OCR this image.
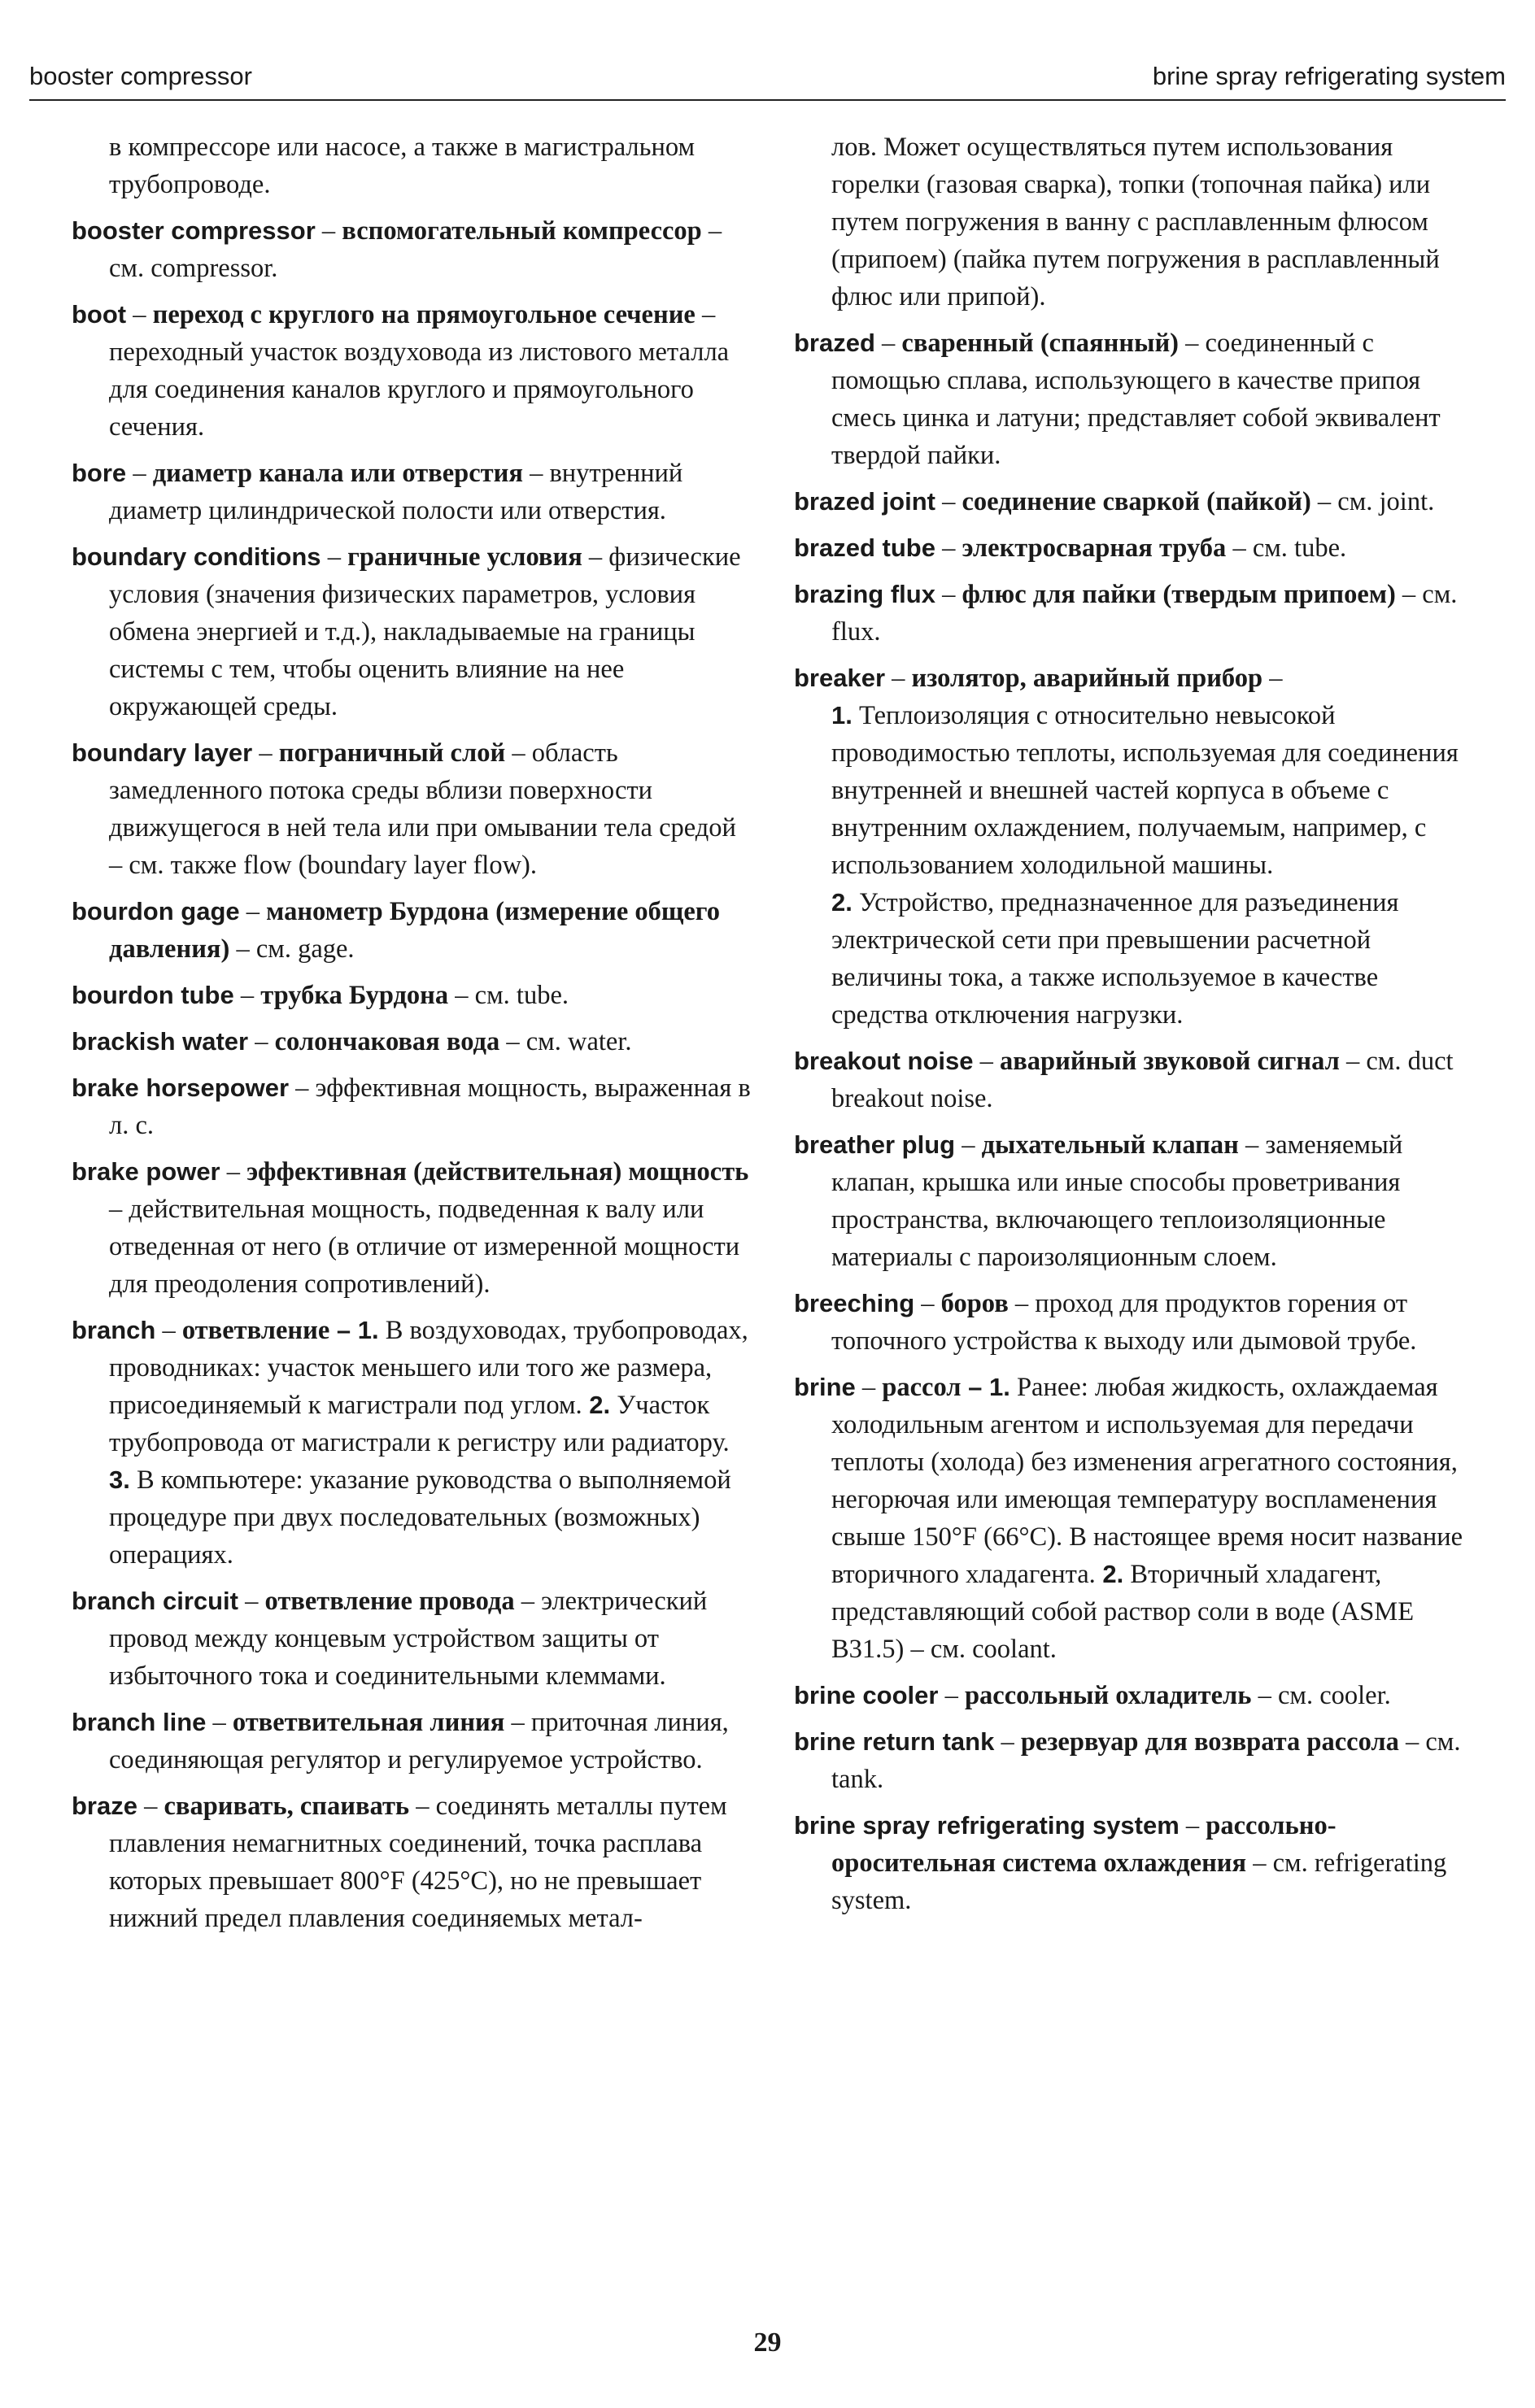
booster compressor	brine spray refrigerating system
в компрессоре или насосе, а также в магистральном трубопроводе.
booster compressor – вспомогательный компрессор – см. compressor.
boot – переход с круглого на прямоугольное сечение – переходный участок воздуховода из листового металла для соединения каналов круглого и прямоугольного сечения.
bore – диаметр канала или отверстия – внутренний диаметр цилиндрической полости или отверстия.
boundary conditions – граничные условия – физические условия (значения физических параметров, условия обмена энергией и т.д.), накладываемые на границы системы с тем, чтобы оценить влияние на нее окружающей среды.
boundary layer – пограничный слой – область замедленного потока среды вблизи поверхности движущегося в ней тела или при омывании тела средой – см. также flow (boundary layer flow).
bourdon gage – манометр Бурдона (измерение общего давления) – см. gage.
bourdon tube – трубка Бурдона – см. tube.
brackish water – солончаковая вода – см. water.
brake horsepower – эффективная мощность, выраженная в л. с.
brake power – эффективная (действительная) мощность – действительная мощность, подведенная к валу или отведенная от него (в отличие от измеренной мощности для преодоления сопротивлений).
branch – ответвление – 1. В воздуховодах, трубопроводах, проводниках: участок меньшего или того же размера, присоединяемый к магистрали под углом. 2. Участок трубопровода от магистрали к регистру или радиатору. 3. В компьютере: указание руководства о выполняемой процедуре при двух последовательных (возможных) операциях.
branch circuit – ответвление провода – электрический провод между концевым устройством защиты от избыточного тока и соединительными клеммами.
branch line – ответвительная линия – приточная линия, соединяющая регулятор и регулируемое устройство.
braze – сваривать, спаивать – соединять металлы путем плавления немагнитных соединений, точка расплава которых превышает 800°F (425°C), но не превышает нижний предел плавления соединяемых метал-
лов. Может осуществляться путем использования горелки (газовая сварка), топки (топочная пайка) или путем погружения в ванну с расплавленным флюсом (припоем) (пайка путем погружения в расплавленный флюс или припой).
brazed – сваренный (спаянный) – соединенный с помощью сплава, использующего в качестве припоя смесь цинка и латуни; представляет собой эквивалент твердой пайки.
brazed joint – соединение сваркой (пайкой) – см. joint.
brazed tube – электросварная труба – см. tube.
brazing flux – флюс для пайки (твердым припоем) – см. flux.
breaker – изолятор, аварийный прибор –
1. Теплоизоляция с относительно невысокой проводимостью теплоты, используемая для соединения внутренней и внешней частей корпуса в объеме с внутренним охлаждением, получаемым, например, с использованием холодильной машины.
2. Устройство, предназначенное для разъединения электрической сети при превышении расчетной величины тока, а также используемое в качестве средства отключения нагрузки.
breakout noise – аварийный звуковой сигнал – см. duct breakout noise.
breather plug – дыхательный клапан – заменяемый клапан, крышка или иные способы проветривания пространства, включающего теплоизоляционные материалы с пароизоляционным слоем.
breeching – боров – проход для продуктов горения от топочного устройства к выходу или дымовой трубе.
brine – рассол – 1. Ранее: любая жидкость, охлаждаемая холодильным агентом и используемая для передачи теплоты (холода) без изменения агрегатного состояния, негорючая или имеющая температуру воспламенения свыше 150°F (66°C). В настоящее время носит название вторичного хладагента. 2. Вторичный хладагент, представляющий собой раствор соли в воде (ASME B31.5) – см. coolant.
brine cooler – рассольный охладитель – см. cooler.
brine return tank – резервуар для возврата рассола – см. tank.
brine spray refrigerating system – рассольно-оросительная система охлаждения – см. refrigerating system.
29
